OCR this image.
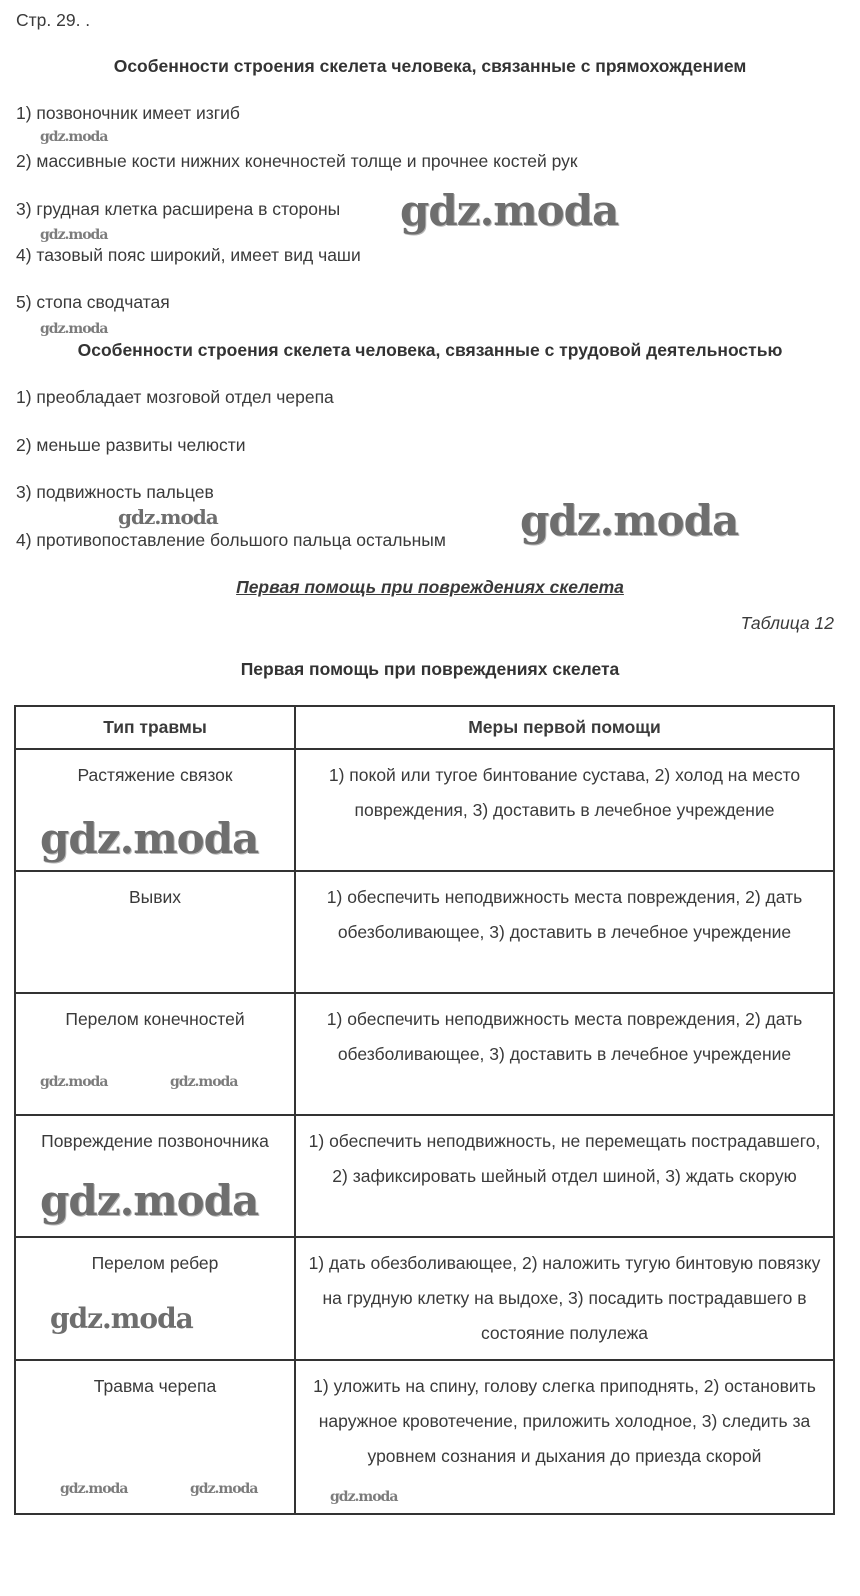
Стр. 29. .
Особенности строения скелета человека, связанные с прямохождением
1) позвоночник имеет изгиб
2) массивные кости нижних конечностей толще и прочнее костей рук
3) грудная клетка расширена в стороны
4) тазовый пояс широкий, имеет вид чаши
5) стопа сводчатая
Особенности строения скелета человека, связанные с трудовой деятельностью
1) преобладает мозговой отдел черепа
2) меньше развиты челюсти
3) подвижность пальцев
4) противопоставление большого пальца остальным
Первая помощь при повреждениях скелета
Таблица 12
Первая помощь при повреждениях скелета
Тип травмы	Меры первой помощи
Растяжение связок	1) покой или тугое бинтование сустава, 2) холод на место повреждения, 3) доставить в лечебное учреждение
Вывих	1) обеспечить неподвижность места повреждения, 2) дать обезболивающее, 3) доставить в лечебное учреждение
Перелом конечностей	1) обеспечить неподвижность места повреждения, 2) дать обезболивающее, 3) доставить в лечебное учреждение
Повреждение позвоночника	1) обеспечить неподвижность, не перемещать пострадавшего, 2) зафиксировать шейный отдел шиной, 3) ждать скорую
Перелом ребер	1) дать обезболивающее, 2) наложить тугую бинтовую повязку на грудную клетку на выдохе, 3) посадить пострадавшего в состояние полулежа
Травма черепа	1) уложить на спину, голову слегка приподнять, 2) остановить наружное кровотечение, приложить холодное, 3) следить за уровнем сознания и дыхания до приезда скорой
gdz.moda
gdz.moda
gdz.moda
gdz.moda
gdz.moda	gdz.moda
gdz.moda
gdz.moda	gdz.moda
gdz.moda
gdz.moda
gdz.moda	gdz.moda	gdz.moda
